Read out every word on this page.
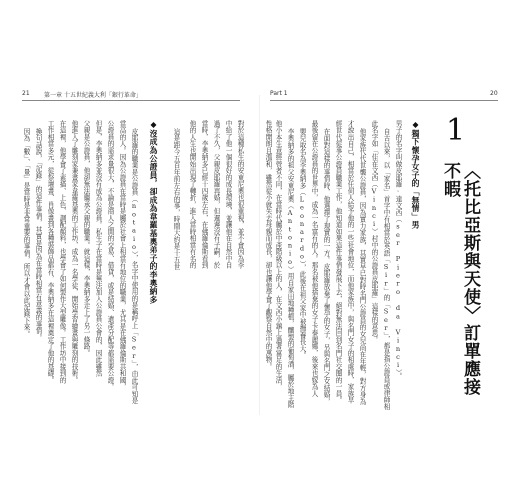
21 第一章 十五世紀義大利「銀行革命」	Part 1	20
1
〈托比亞斯與天使〉訂單應接不暇
◆獨下懷孕女子的「無情」男
男子的名字叫做皮耶羅·達文西（ser Piero da Vinci）。
自古以來，以「家名」首字中有相當於英語「Sir」的「Ser」，都是指公證員或律師相
此名字如「佳在文西（Vinci）村中的公證員皮耶羅」這樣的意思。
他家族代代世襲公證員，因為實力家族，其實早已對時名門公證員的女兒尚在年輕，對方身為
才說出自己，相當於任何人給予他的一些社會地位，而他家族中，與名門女子的相處時，家族早
經世代從事公證員職業工作，他知道如果這件事情發展下去，絕對無法回到名門社交圈的一員。
在面對這樣的事情時，他選擇了現實的一方。皮耶羅放棄了懷孕的女子，另與名門之女結婚，
最後留在公證員的世界中，成為一名富有的人。那名被他捨棄的女子卡泰麗娜，後來也嫁為人
嬰兒取名為李奧納多（Leonardo），此後在祖父家中被撫養長大。
李奧納多的祖父安東尼奧（Antonio）用自家田地種植，釀製的葡萄酒，屬於地主階
他小本生意經營者不同，在當時代屬於中產階級以上的人，在文西小鎮上過著富足的生活，
性格開朗且溫和，雖然從小就失去母親而成長，卻也讓他學會了觀察自然中的萬物。
對於這種私生的安東尼奧也很重視，並不會因為李
中給了他一個很好的成長環境，並讓他在自然中自
過了不久，父親皮耶羅再婚，但遲遲沒有子嗣，於
當時，李奧納多已經十四歲左右，在佛羅倫斯看到
他的人生也開始出現了轉折，進入當時相當有名的
這是距今五百年前左右的事，時間大約是十五世
◆沒成為公證員，卻成為韋羅基奧弟子的李奧納多
皮耶羅的職業是公證員（notaio），名字中使用的是稱呼上「Ser」，由此可知是
當高的人。因為公證員在當時是屬於社會上相當有地位的職業，尤其是在佛羅倫斯共和國，
公證員的需求量很大，不論是商人之間的交易、借貸，或是結婚、遺產分配等都需要公證。
但是，李奧納多並沒有成為公證員。私生子在當時是無法加入公證員公會的，因此雖然
父親是公證員，他卻無法繼承父親的職業。就這樣，李奧納多走上了另一條路。
他進入了雕刻家兼畫家韋羅基奧的工作坊，成為一名學徒，開始學習繪畫與雕刻的技術。
在這裡，他學會了素描、上色、調配顏料，也學會了如何製作大型雕像。工作坊中接到的
工作相當多元，從祭壇畫、肖像畫到各種裝飾品都有，李奧納多在這裡奠定了他的基礎。
換句話說，「記錄」的這件事情，其實是因為在當時相當有意義的事情。
因為「數」、「量」是當時是非常重要的事情，所以才會以此記錄下來。
